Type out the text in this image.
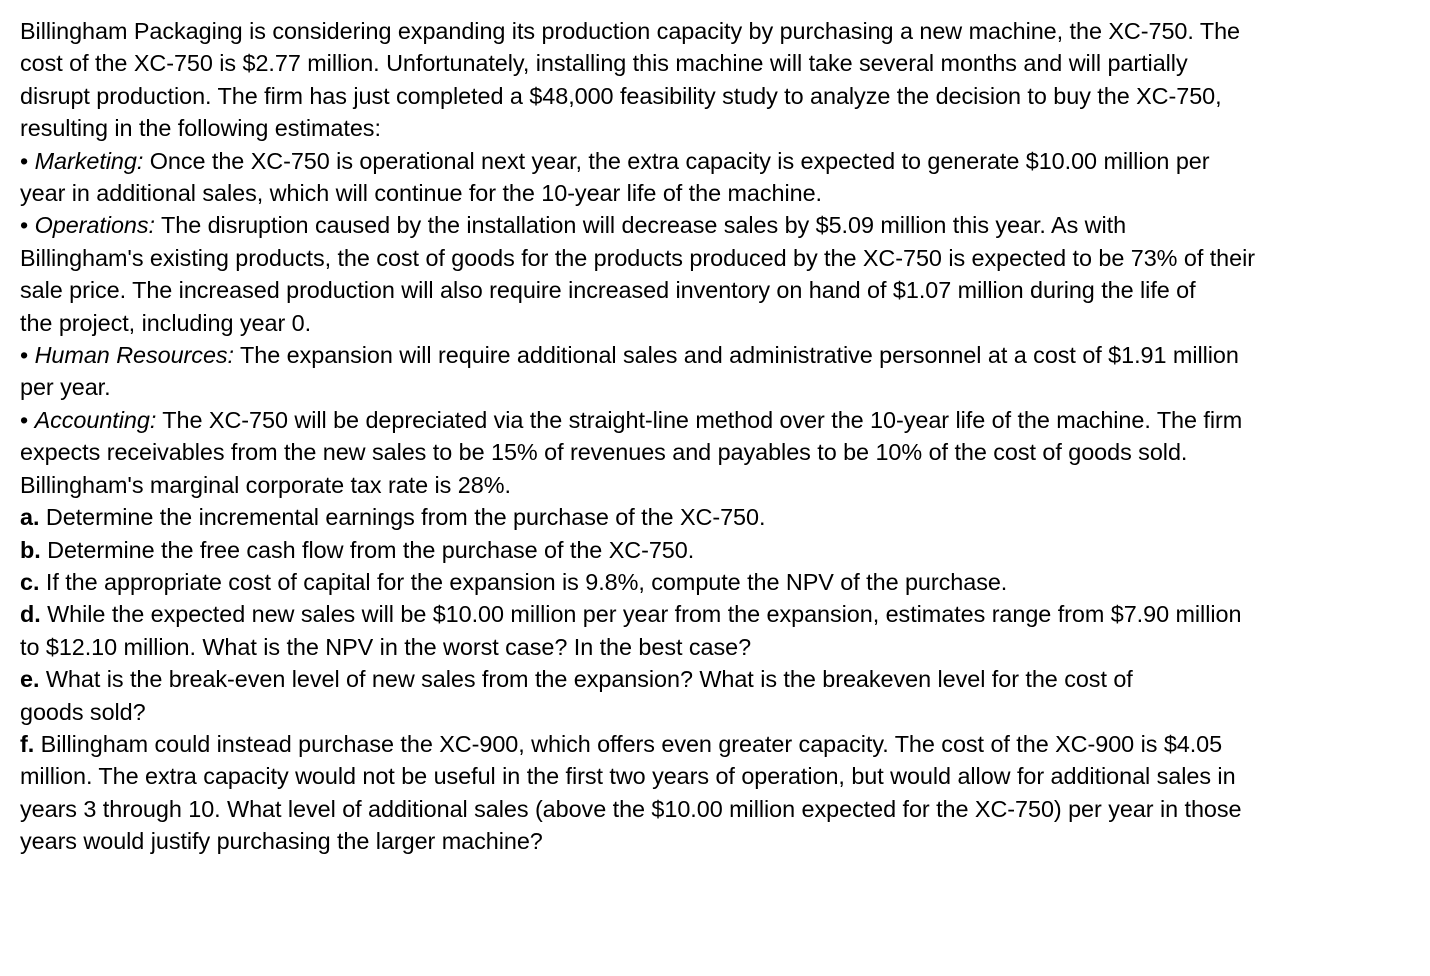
Billingham Packaging is considering expanding its production capacity by purchasing a new machine, the XC-750. The
cost of the XC-750 is $2.77 million. Unfortunately, installing this machine will take several months and will partially
disrupt production. The firm has just completed a $48,000 feasibility study to analyze the decision to buy the XC-750,
resulting in the following estimates:
• Marketing: Once the XC-750 is operational next year, the extra capacity is expected to generate $10.00 million per
year in additional sales, which will continue for the 10-year life of the machine.
• Operations: The disruption caused by the installation will decrease sales by $5.09 million this year. As with
Billingham's existing products, the cost of goods for the products produced by the XC-750 is expected to be 73% of their
sale price. The increased production will also require increased inventory on hand of $1.07 million during the life of
the project, including year 0.
• Human Resources: The expansion will require additional sales and administrative personnel at a cost of $1.91 million
per year.
• Accounting: The XC-750 will be depreciated via the straight-line method over the 10-year life of the machine. The firm
expects receivables from the new sales to be 15% of revenues and payables to be 10% of the cost of goods sold.
Billingham's marginal corporate tax rate is 28%.
a. Determine the incremental earnings from the purchase of the XC-750.
b. Determine the free cash flow from the purchase of the XC-750.
c. If the appropriate cost of capital for the expansion is 9.8%, compute the NPV of the purchase.
d. While the expected new sales will be $10.00 million per year from the expansion, estimates range from $7.90 million
to $12.10 million. What is the NPV in the worst case? In the best case?
e. What is the break-even level of new sales from the expansion? What is the breakeven level for the cost of
goods sold?
f. Billingham could instead purchase the XC-900, which offers even greater capacity. The cost of the XC-900 is $4.05
million. The extra capacity would not be useful in the first two years of operation, but would allow for additional sales in
years 3 through 10. What level of additional sales (above the $10.00 million expected for the XC-750) per year in those
years would justify purchasing the larger machine?
